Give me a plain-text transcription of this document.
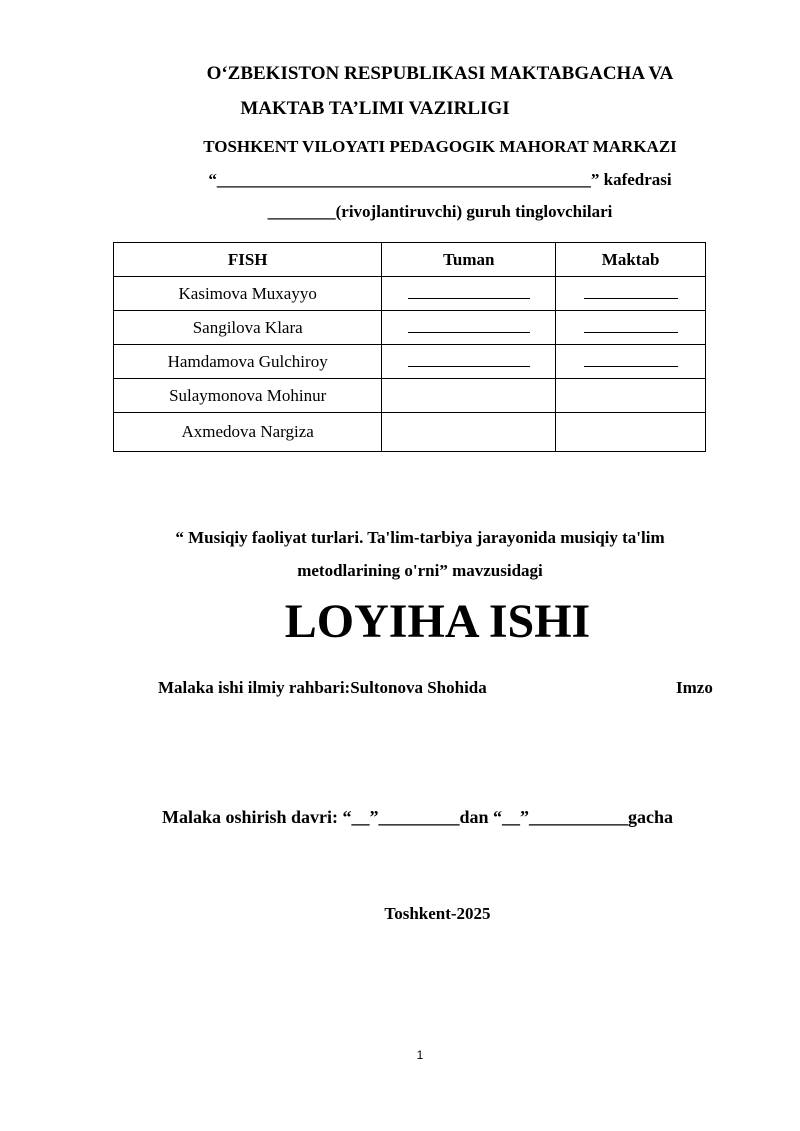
O‘ZBEKISTON RESPUBLIKASI MAKTABGACHA VA
MAKTAB TA’LIMI VAZIRLIGI
TOSHKENT VILOYATI PEDAGOGIK MAHORAT MARKAZI
“____________________________________________” kafedrasi
________(rivojlantiruvchi) guruh tinglovchilari
FISH	Tuman	Maktab
Kasimova Muxayyo		
Sangilova Klara		
Hamdamova Gulchiroy		
Sulaymonova Mohinur		
Axmedova Nargiza		
“ Musiqiy faoliyat turlari. Ta'lim-tarbiya jarayonida musiqiy ta'lim
metodlarining o'rni” mavzusidagi
LOYIHA ISHI
Malaka ishi ilmiy rahbari:Sultonova Shohida	Imzo
Malaka oshirish davri: “__”_________dan “__”___________gacha
Toshkent-2025
1
